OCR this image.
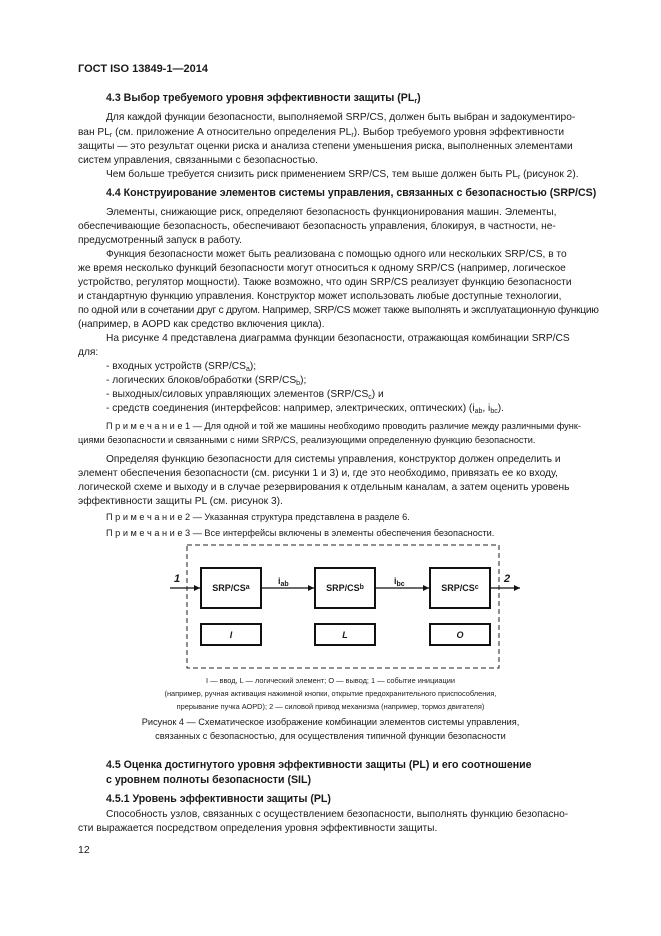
ГОСТ ISO 13849-1—2014
4.3 Выбор требуемого уровня эффективности защиты $(PL_r)$
Для каждой функции безопасности, выполняемой SRP/CS, должен быть выбран и задокументиро-
ван $PL_r$ (см. приложение А относительно определения $PL_r$). Выбор требуемого уровня эффективности
защиты — это результат оценки риска и анализа степени уменьшения риска, выполненных элементами
систем управления, связанными с безопасностью.
Чем больше требуется снизить риск применением SRP/CS, тем выше должен быть $PL_r$ (рисунок 2).
4.4 Конструирование элементов системы управления, связанных с безопасностью (SRP/CS)
Элементы, снижающие риск, определяют безопасность функционирования машин. Элементы,
обеспечивающие безопасность, обеспечивают безопасность управления, блокируя, в частности, не-
предусмотренный запуск в работу.
Функция безопасности может быть реализована с помощью одного или нескольких SRP/CS, в то
же время несколько функций безопасности могут относиться к одному SRP/CS (например, логическое
устройство, регулятор мощности). Также возможно, что один SRP/CS реализует функцию безопасности
и стандартную функцию управления. Конструктор может использовать любые доступные технологии,
по одной или в сочетании друг с другом. Например, SRP/CS может также выполнять и эксплуатационную функцию
(например, в АОРD как средство включения цикла).
На рисунке 4 представлена диаграмма функции безопасности, отражающая комбинации SRP/CS
для:
- входных устройств $(SRP/CS_a)$;
- логических блоков/обработки $(SRP/CS_b)$;
- выходных/силовых управляющих элементов $(SRP/CS_c)$ и
- средств соединения (интерфейсов: например, электрических, оптических) ($i_{ab}$, $i_{bc}$).
П р и м е ч а н и е 1 — Для одной и той же машины необходимо проводить различие между различными функ-
циями безопасности и связанными с ними SRP/CS, реализующими определенную функцию безопасности.
Определяя функцию безопасности для системы управления, конструктор должен определить и
элемент обеспечения безопасности (см. рисунки 1 и 3) и, где это необходимо, привязать ее ко входу,
логической схеме и выходу и в случае резервирования к отдельным каналам, а затем оценить уровень
эффективности защиты PL (см. рисунок 3).
П р и м е ч а н и е 2 — Указанная структура представлена в разделе 6.
П р и м е ч а н и е 3 — Все интерфейсы включены в элементы обеспечения безопасности.
1	2
SRP/CS a	SRP/CS b	SRP/CS c
$i_{ab}$	$i_{bc}$
I	L	O
I — ввод, L — логический элемент; O — вывод; 1 — событие инициации
(например, ручная активация нажимной кнопки, открытие предохранительного приспособления,
прерывание пучка АОРD); 2 — силовой привод механизма (например, тормоз двигателя)
Рисунок 4 — Схематическое изображение комбинации элементов системы управления,
связанных с безопасностью, для осуществления типичной функции безопасности
4.5 Оценка достигнутого уровня эффективности защиты (PL) и его соотношение
с уровнем полноты безопасности (SIL)
4.5.1 Уровень эффективности защиты (PL)
Способность узлов, связанных с осуществлением безопасности, выполнять функцию безопасно-
сти выражается посредством определения уровня эффективности защиты.
12
